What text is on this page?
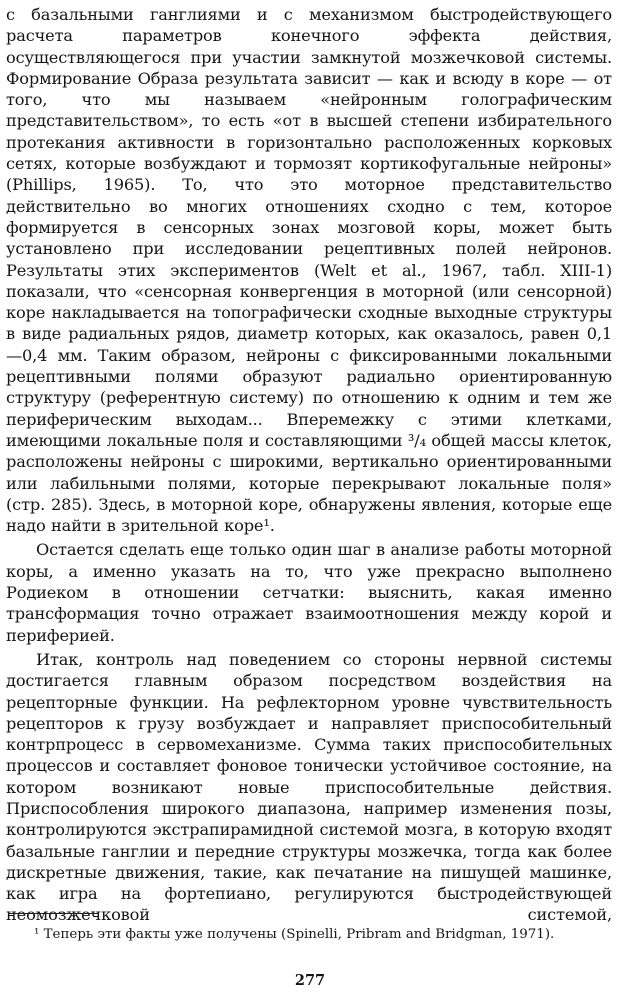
с базальными ганглиями и с механизмом быстродействующего расчета параметров конечного эффекта действия, осуществляющегося при участии замкнутой мозжечковой системы. Формирование Образа результата зависит — как и всюду в коре — от того, что мы называем «нейронным голографическим представительством», то есть «от в высшей степени избирательного протекания активности в горизонтально расположенных корковых сетях, которые возбуждают и тормозят кортикофугальные нейроны» (Phillips, 1965). То, что это моторное представительство действительно во многих отношениях сходно с тем, которое формируется в сенсорных зонах мозговой коры, может быть установлено при исследовании рецептивных полей нейронов. Результаты этих экспериментов (Welt et al., 1967, табл. XIII-1) показали, что «сенсорная конвергенция в моторной (или сенсорной) коре накладывается на топографически сходные выходные структуры в виде радиальных рядов, диаметр которых, как оказалось, равен 0,1—0,4 мм. Таким образом, нейроны с фиксированными локальными рецептивными полями образуют радиально ориентированную структуру (референтную систему) по отношению к одним и тем же периферическим выходам... Вперемежку с этими клетками, имеющими локальные поля и составляющими ³/₄ общей массы клеток, расположены нейроны с широкими, вертикально ориентированными или лабильными полями, которые перекрывают локальные поля» (стр. 285). Здесь, в моторной коре, обнаружены явления, которые еще надо найти в зрительной коре¹.

Остается сделать еще только один шаг в анализе работы моторной коры, а именно указать на то, что уже прекрасно выполнено Родиеком в отношении сетчатки: выяснить, какая именно трансформация точно отражает взаимоотношения между корой и периферией.

Итак, контроль над поведением со стороны нервной системы достигается главным образом посредством воздействия на рецепторные функции. На рефлекторном уровне чувствительность рецепторов к грузу возбуждает и направляет приспособительный контрпроцесс в сервомеханизме. Сумма таких приспособительных процессов и составляет фоновое тонически устойчивое состояние, на котором возникают новые приспособительные действия. Приспособления широкого диапазона, например изменения позы, контролируются экстрапирамидной системой мозга, в которую входят базальные ганглии и передние структуры мозжечка, тогда как более дискретные движения, такие, как печатание на пишущей машинке, как игра на фортепиано, регулируются быстродействующей неомозжечковой системой,

¹ Теперь эти факты уже получены (Spinelli, Pribram and Bridgman, 1971).

277
